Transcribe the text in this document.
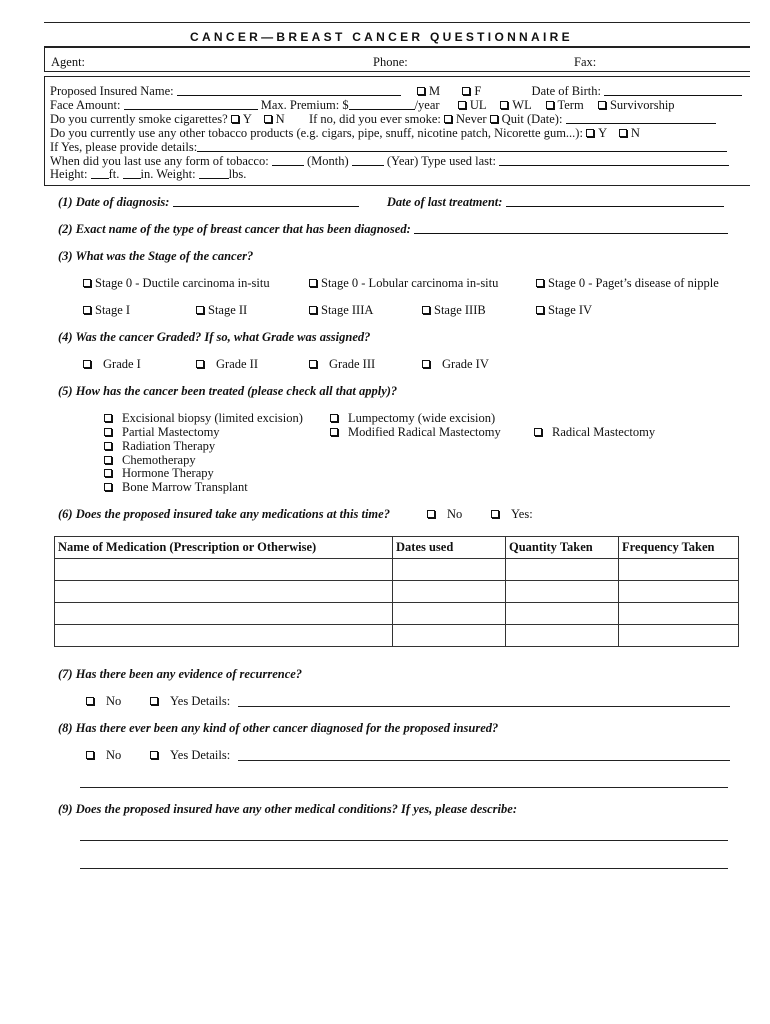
CANCER—BREAST CANCER QUESTIONNAIRE
Agent:	Phone:	Fax:
Proposed Insured Name:	M	F	Date of Birth:
Face Amount:	Max. Premium: $	/year UL WL Term Survivorship
Do you currently smoke cigarettes? Y N If no, did you ever smoke: Never Quit (Date):
Do you currently use any other tobacco products (e.g. cigars, pipe, snuff, nicotine patch, Nicorette gum...): Y N
If Yes, please provide details:
When did you last use any form of tobacco:	(Month)	(Year) Type used last:
Height: ft. in. Weight:	lbs.
(1) Date of diagnosis:	Date of last treatment:
(2) Exact name of the type of breast cancer that has been diagnosed:
(3) What was the Stage of the cancer?
Stage 0 - Ductile carcinoma in-situ	Stage 0 - Lobular carcinoma in-situ	Stage 0 - Paget’s disease of nipple
Stage I	Stage II	Stage IIIA	Stage IIIB	Stage IV
(4) Was the cancer Graded? If so, what Grade was assigned?
Grade I	Grade II	Grade III	Grade IV
(5) How has the cancer been treated (please check all that apply)?
Excisional biopsy (limited excision)
Partial Mastectomy
Radiation Therapy
Chemotherapy
Hormone Therapy
Bone Marrow Transplant
Lumpectomy (wide excision)
Modified Radical Mastectomy	Radical Mastectomy
(6) Does the proposed insured take any medications at this time?	No	Yes:
Name of Medication (Prescription or Otherwise)	Dates used	Quantity Taken	Frequency Taken

(7) Has there been any evidence of recurrence?
No	Yes Details:
(8) Has there ever been any kind of other cancer diagnosed for the proposed insured?
No	Yes Details:
(9) Does the proposed insured have any other medical conditions? If yes, please describe:
